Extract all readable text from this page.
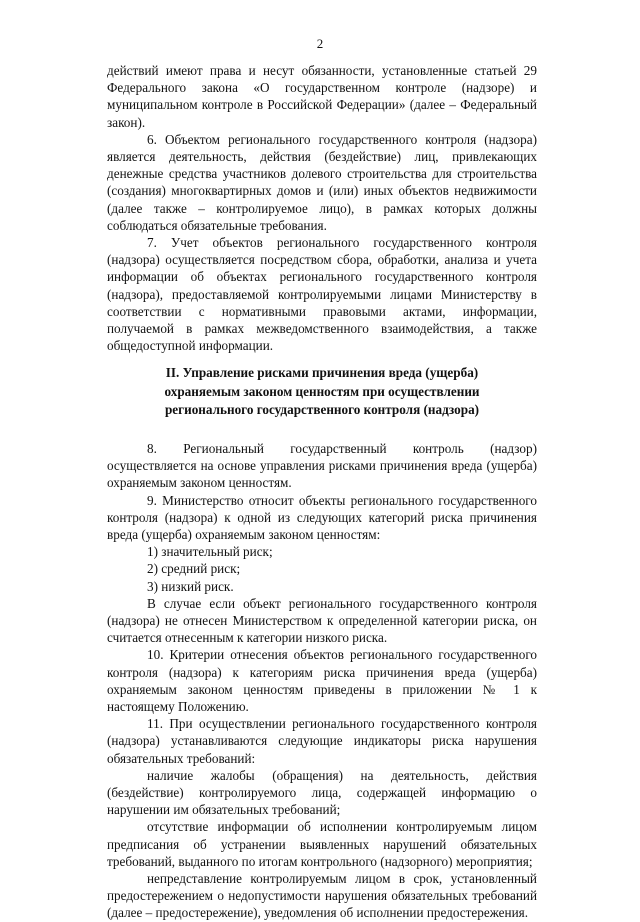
2

действий имеют права и несут обязанности, установленные статьей 29 Федерального закона «О государственном контроле (надзоре) и муниципальном контроле в Российской Федерации» (далее – Федеральный закон).

6. Объектом регионального государственного контроля (надзора) является деятельность, действия (бездействие) лиц, привлекающих денежные средства участников долевого строительства для строительства (создания) многоквартирных домов и (или) иных объектов недвижимости (далее также – контролируемое лицо), в рамках которых должны соблюдаться обязательные требования.

7. Учет объектов регионального государственного контроля (надзора) осуществляется посредством сбора, обработки, анализа и учета информации об объектах регионального государственного контроля (надзора), предоставляемой контролируемыми лицами Министерству в соответствии с нормативными правовыми актами, информации, получаемой в рамках межведомственного взаимодействия, а также общедоступной информации.

II. Управление рисками причинения вреда (ущерба)
охраняемым законом ценностям при осуществлении
регионального государственного контроля (надзора)

8. Региональный государственный контроль (надзор) осуществляется на основе управления рисками причинения вреда (ущерба) охраняемым законом ценностям.

9. Министерство относит объекты регионального государственного контроля (надзора) к одной из следующих категорий риска причинения вреда (ущерба) охраняемым законом ценностям:

1) значительный риск;

2) средний риск;

3) низкий риск.

В случае если объект регионального государственного контроля (надзора) не отнесен Министерством к определенной категории риска, он считается отнесенным к категории низкого риска.

10. Критерии отнесения объектов регионального государственного контроля (надзора) к категориям риска причинения вреда (ущерба) охраняемым законом ценностям приведены в приложении № 1 к настоящему Положению.

11. При осуществлении регионального государственного контроля (надзора) устанавливаются следующие индикаторы риска нарушения обязательных требований:

наличие жалобы (обращения) на деятельность, действия (бездействие) контролируемого лица, содержащей информацию о нарушении им обязательных требований;

отсутствие информации об исполнении контролируемым лицом предписания об устранении выявленных нарушений обязательных требований, выданного по итогам контрольного (надзорного) мероприятия;

непредставление контролируемым лицом в срок, установленный предостережением о недопустимости нарушения обязательных требований (далее – предостережение), уведомления об исполнении предостережения.
